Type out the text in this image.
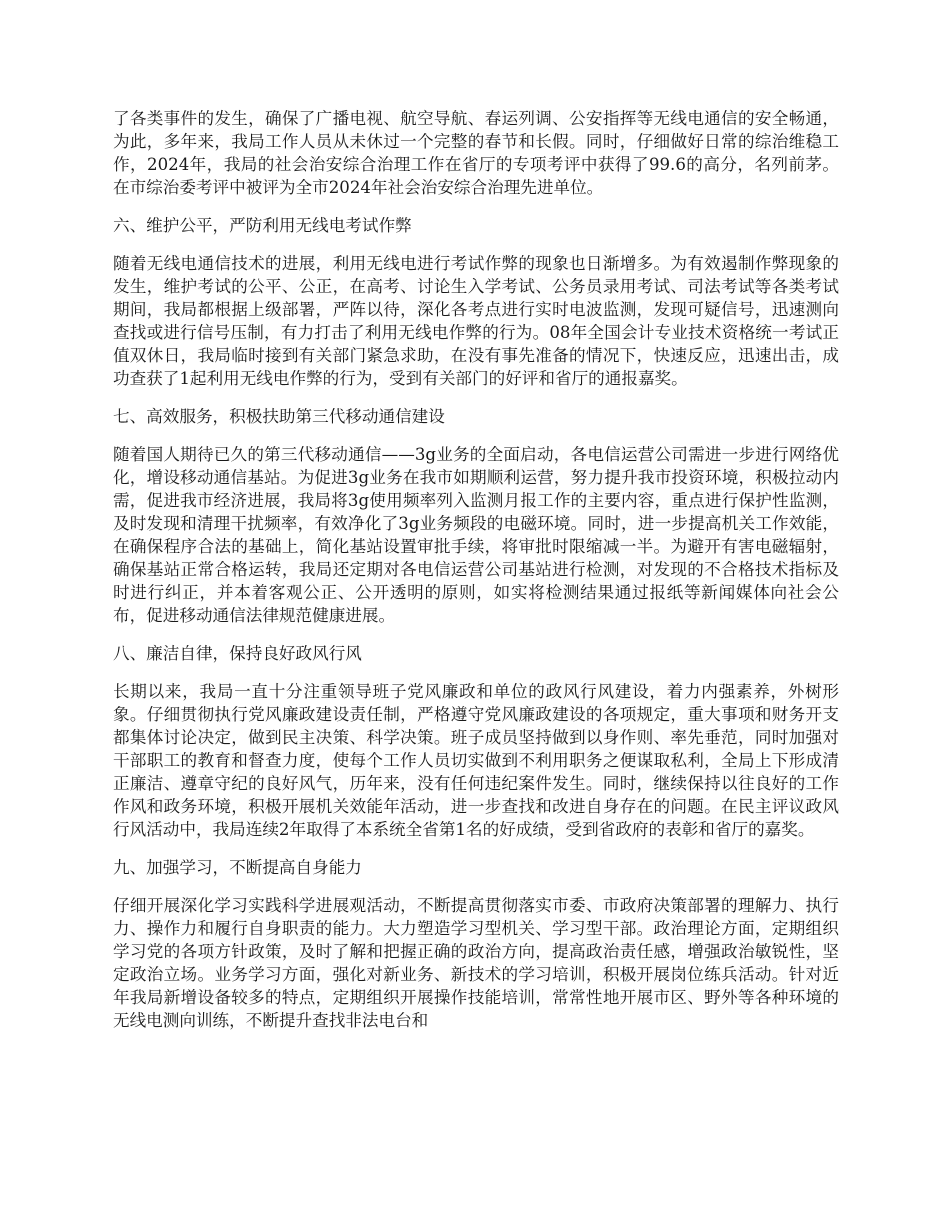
了各类事件的发生，确保了广播电视、航空导航、春运列调、公安指挥等无线电通信的安全畅通，为此，多年来，我局工作人员从未休过一个完整的春节和长假。同时，仔细做好日常的综治维稳工作，2024年，我局的社会治安综合治理工作在省厅的专项考评中获得了99.6的高分，名列前茅。在市综治委考评中被评为全市2024年社会治安综合治理先进单位。

六、维护公平，严防利用无线电考试作弊

随着无线电通信技术的进展，利用无线电进行考试作弊的现象也日渐增多。为有效遏制作弊现象的发生，维护考试的公平、公正，在高考、讨论生入学考试、公务员录用考试、司法考试等各类考试期间，我局都根据上级部署，严阵以待，深化各考点进行实时电波监测，发现可疑信号，迅速测向查找或进行信号压制，有力打击了利用无线电作弊的行为。08年全国会计专业技术资格统一考试正值双休日，我局临时接到有关部门紧急求助，在没有事先准备的情况下，快速反应，迅速出击，成功查获了1起利用无线电作弊的行为，受到有关部门的好评和省厅的通报嘉奖。

七、高效服务，积极扶助第三代移动通信建设

随着国人期待已久的第三代移动通信——3g业务的全面启动，各电信运营公司需进一步进行网络优化，增设移动通信基站。为促进3g业务在我市如期顺利运营，努力提升我市投资环境，积极拉动内需，促进我市经济进展，我局将3g使用频率列入监测月报工作的主要内容，重点进行保护性监测，及时发现和清理干扰频率，有效净化了3g业务频段的电磁环境。同时，进一步提高机关工作效能，在确保程序合法的基础上，简化基站设置审批手续，将审批时限缩减一半。为避开有害电磁辐射，确保基站正常合格运转，我局还定期对各电信运营公司基站进行检测，对发现的不合格技术指标及时进行纠正，并本着客观公正、公开透明的原则，如实将检测结果通过报纸等新闻媒体向社会公布，促进移动通信法律规范健康进展。

八、廉洁自律，保持良好政风行风

长期以来，我局一直十分注重领导班子党风廉政和单位的政风行风建设，着力内强素养，外树形象。仔细贯彻执行党风廉政建设责任制，严格遵守党风廉政建设的各项规定，重大事项和财务开支都集体讨论决定，做到民主决策、科学决策。班子成员坚持做到以身作则、率先垂范，同时加强对干部职工的教育和督查力度，使每个工作人员切实做到不利用职务之便谋取私利，全局上下形成清正廉洁、遵章守纪的良好风气，历年来，没有任何违纪案件发生。同时，继续保持以往良好的工作作风和政务环境，积极开展机关效能年活动，进一步查找和改进自身存在的问题。在民主评议政风行风活动中，我局连续2年取得了本系统全省第1名的好成绩，受到省政府的表彰和省厅的嘉奖。

九、加强学习，不断提高自身能力

仔细开展深化学习实践科学进展观活动，不断提高贯彻落实市委、市政府决策部署的理解力、执行力、操作力和履行自身职责的能力。大力塑造学习型机关、学习型干部。政治理论方面，定期组织学习党的各项方针政策，及时了解和把握正确的政治方向，提高政治责任感，增强政治敏锐性，坚定政治立场。业务学习方面，强化对新业务、新技术的学习培训，积极开展岗位练兵活动。针对近年我局新增设备较多的特点，定期组织开展操作技能培训，常常性地开展市区、野外等各种环境的无线电测向训练，不断提升查找非法电台和
